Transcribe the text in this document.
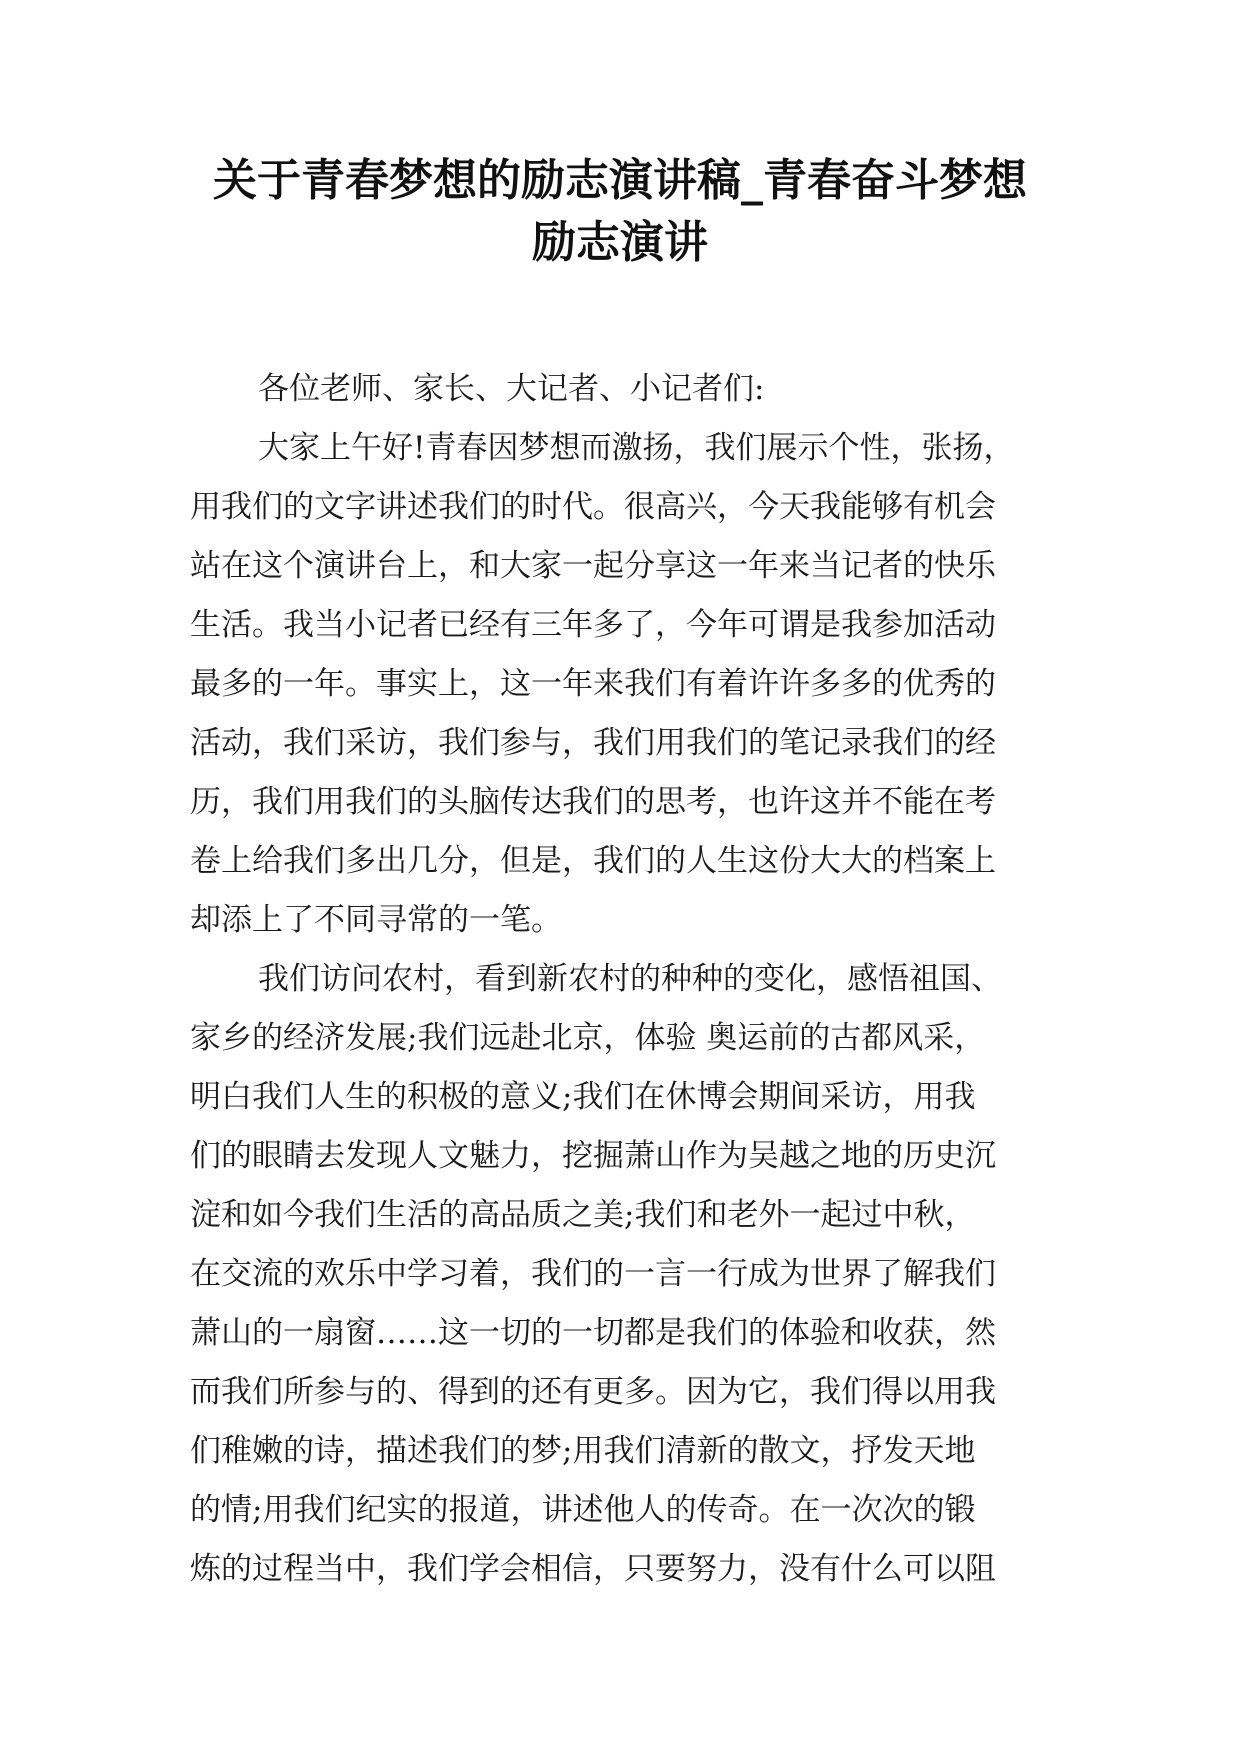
关于青春梦想的励志演讲稿_青春奋斗梦想
励志演讲
各位老师、家长、大记者、小记者们:
大家上午好!青春因梦想而激扬，我们展示个性，张扬，
用我们的文字讲述我们的时代。很高兴，今天我能够有机会
站在这个演讲台上，和大家一起分享这一年来当记者的快乐
生活。我当小记者已经有三年多了，今年可谓是我参加活动
最多的一年。事实上，这一年来我们有着许许多多的优秀的
活动，我们采访，我们参与，我们用我们的笔记录我们的经
历，我们用我们的头脑传达我们的思考，也许这并不能在考
卷上给我们多出几分，但是，我们的人生这份大大的档案上
却添上了不同寻常的一笔。
我们访问农村，看到新农村的种种的变化，感悟祖国、
家乡的经济发展;我们远赴北京，体验 奥运前的古都风采，
明白我们人生的积极的意义;我们在休博会期间采访，用我
们的眼睛去发现人文魅力，挖掘萧山作为吴越之地的历史沉
淀和如今我们生活的高品质之美;我们和老外一起过中秋，
在交流的欢乐中学习着，我们的一言一行成为世界了解我们
萧山的一扇窗……这一切的一切都是我们的体验和收获，然
而我们所参与的、得到的还有更多。因为它，我们得以用我
们稚嫩的诗，描述我们的梦;用我们清新的散文，抒发天地
的情;用我们纪实的报道，讲述他人的传奇。在一次次的锻
炼的过程当中，我们学会相信，只要努力，没有什么可以阻
